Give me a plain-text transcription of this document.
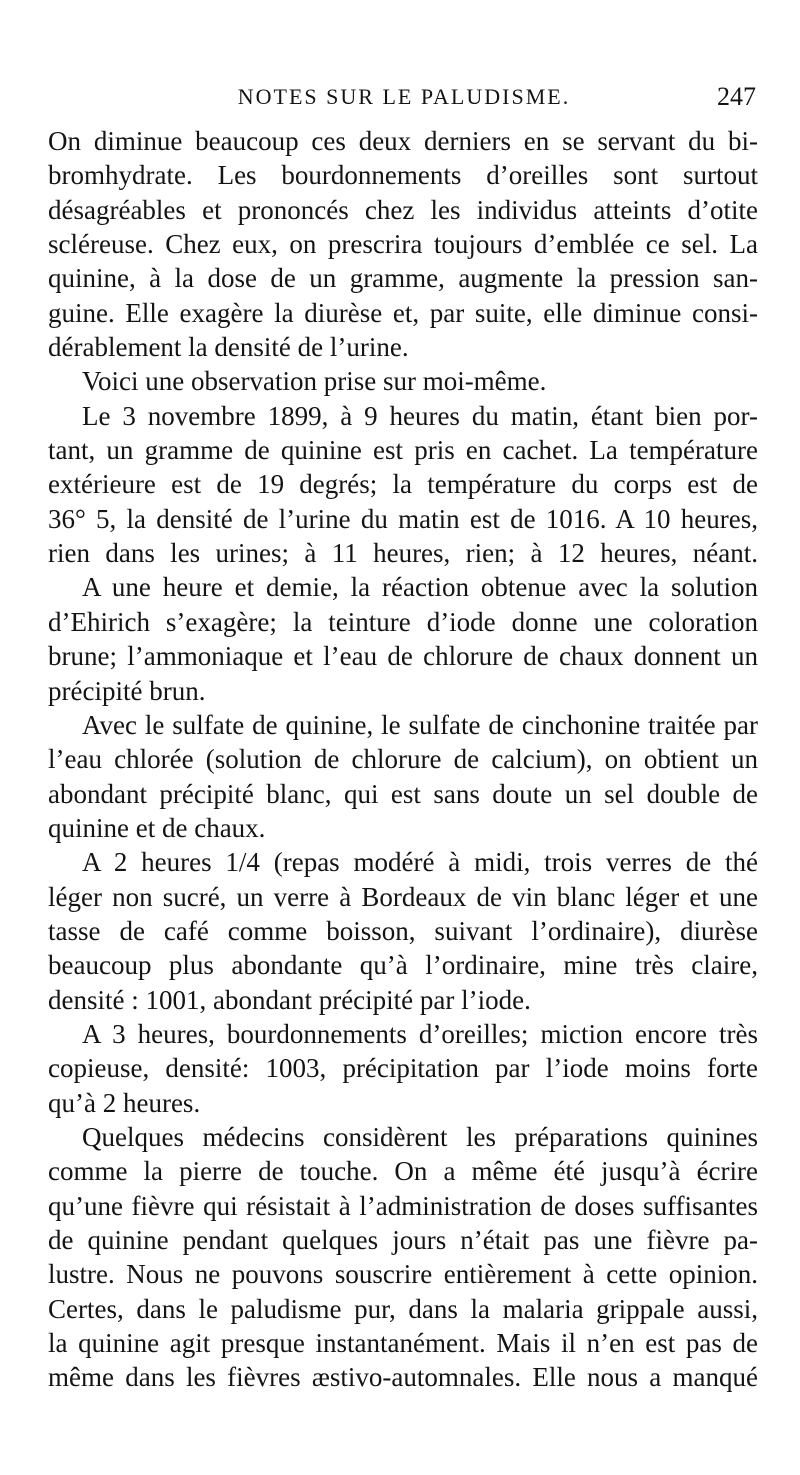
NOTES SUR LE PALUDISME.	247
On diminue beaucoup ces deux derniers en se servant du bi-
bromhydrate. Les bourdonnements d’oreilles sont surtout
désagréables et prononcés chez les individus atteints d’otite
scléreuse. Chez eux, on prescrira toujours d’emblée ce sel. La
quinine, à la dose de un gramme, augmente la pression san-
guine. Elle exagère la diurèse et, par suite, elle diminue consi-
dérablement la densité de l’urine.
Voici une observation prise sur moi-même.
Le 3 novembre 1899, à 9 heures du matin, étant bien por-
tant, un gramme de quinine est pris en cachet. La température
extérieure est de 19 degrés; la température du corps est de
36° 5, la densité de l’urine du matin est de 1016. A 10 heures,
rien dans les urines; à 11 heures, rien; à 12 heures, néant.
A une heure et demie, la réaction obtenue avec la solution
d’Ehirich s’exagère; la teinture d’iode donne une coloration
brune; l’ammoniaque et l’eau de chlorure de chaux donnent un
précipité brun.
Avec le sulfate de quinine, le sulfate de cinchonine traitée par
l’eau chlorée (solution de chlorure de calcium), on obtient un
abondant précipité blanc, qui est sans doute un sel double de
quinine et de chaux.
A 2 heures 1/4 (repas modéré à midi, trois verres de thé
léger non sucré, un verre à Bordeaux de vin blanc léger et une
tasse de café comme boisson, suivant l’ordinaire), diurèse
beaucoup plus abondante qu’à l’ordinaire, mine très claire,
densité : 1001, abondant précipité par l’iode.
A 3 heures, bourdonnements d’oreilles; miction encore très
copieuse, densité: 1003, précipitation par l’iode moins forte
qu’à 2 heures.
Quelques médecins considèrent les préparations quinines
comme la pierre de touche. On a même été jusqu’à écrire
qu’une fièvre qui résistait à l’administration de doses suffisantes
de quinine pendant quelques jours n’était pas une fièvre pa-
lustre. Nous ne pouvons souscrire entièrement à cette opinion.
Certes, dans le paludisme pur, dans la malaria grippale aussi,
la quinine agit presque instantanément. Mais il n’en est pas de
même dans les fièvres æstivo-automnales. Elle nous a manqué
